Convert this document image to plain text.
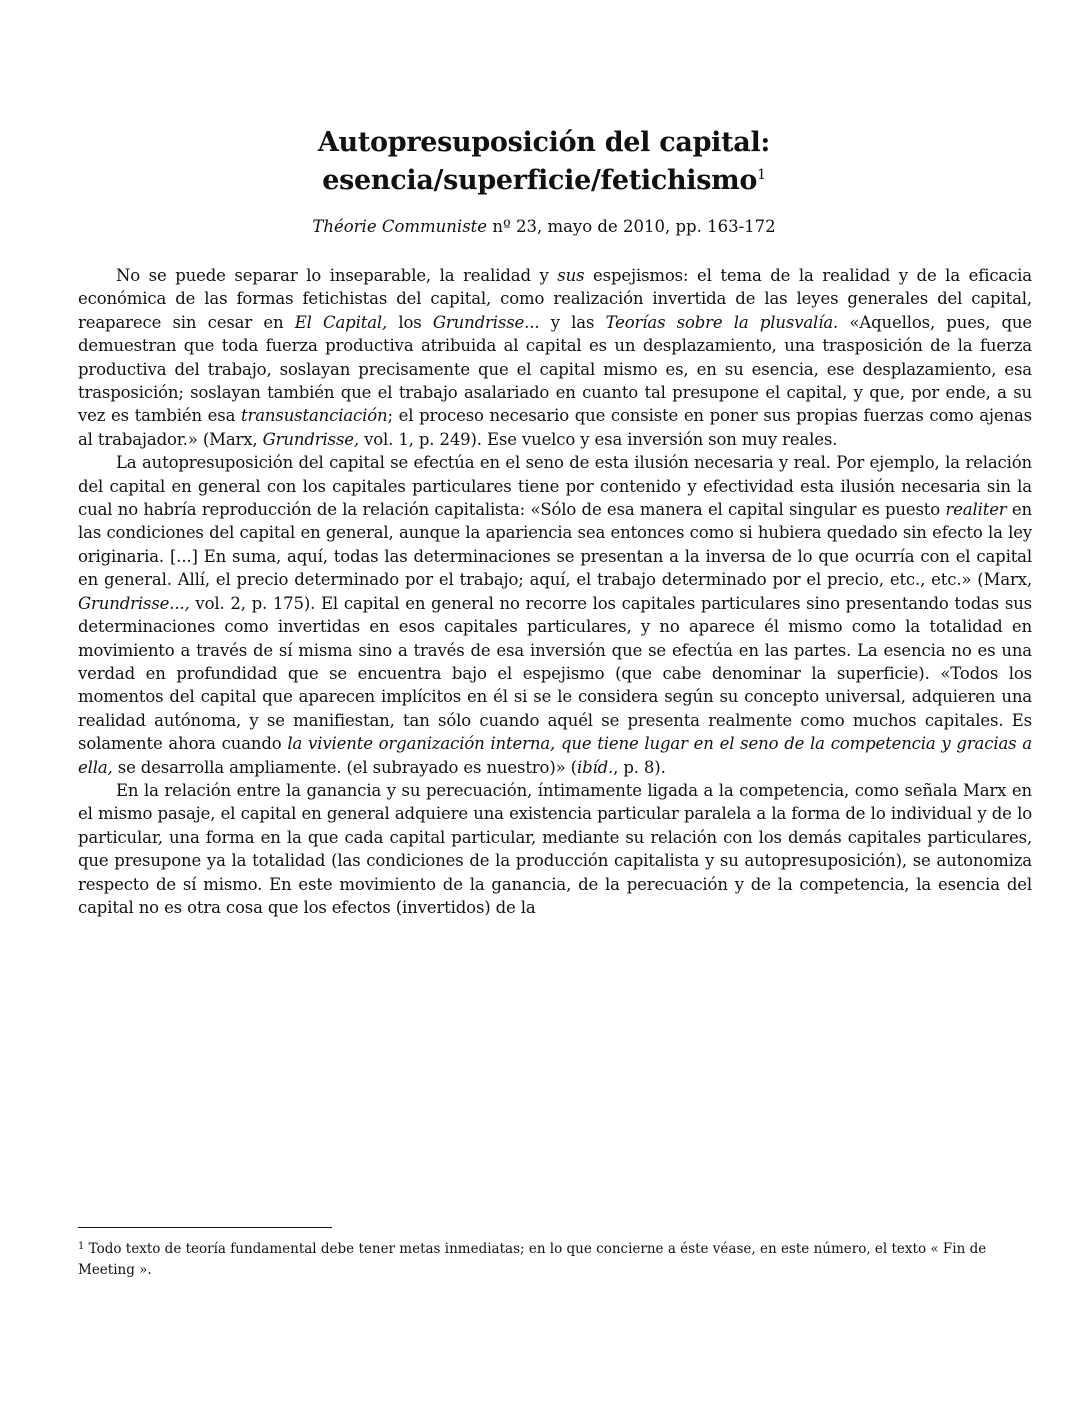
Autopresuposición del capital:
esencia/superficie/fetichismo$^1$
Théorie Communiste nº 23, mayo de 2010, pp. 163-172

No se puede separar lo inseparable, la realidad y sus espejismos: el tema de la realidad y de la eficacia económica de las formas fetichistas del capital, como realización invertida de las leyes generales del capital, reaparece sin cesar en El Capital, los Grundrisse... y las Teorías sobre la plusvalía. «Aquellos, pues, que demuestran que toda fuerza productiva atribuida al capital es un desplazamiento, una trasposición de la fuerza productiva del trabajo, soslayan precisamente que el capital mismo es, en su esencia, ese desplazamiento, esa trasposición; soslayan también que el trabajo asalariado en cuanto tal presupone el capital, y que, por ende, a su vez es también esa transustanciación; el proceso necesario que consiste en poner sus propias fuerzas como ajenas al trabajador.» (Marx, Grundrisse, vol. 1, p. 249). Ese vuelco y esa inversión son muy reales.

La autopresuposición del capital se efectúa en el seno de esta ilusión necesaria y real. Por ejemplo, la relación del capital en general con los capitales particulares tiene por contenido y efectividad esta ilusión necesaria sin la cual no habría reproducción de la relación capitalista: «Sólo de esa manera el capital singular es puesto realiter en las condiciones del capital en general, aunque la apariencia sea entonces como si hubiera quedado sin efecto la ley originaria. [...] En suma, aquí, todas las determinaciones se presentan a la inversa de lo que ocurría con el capital en general. Allí, el precio determinado por el trabajo; aquí, el trabajo determinado por el precio, etc., etc.» (Marx, Grundrisse..., vol. 2, p. 175). El capital en general no recorre los capitales particulares sino presentando todas sus determinaciones como invertidas en esos capitales particulares, y no aparece él mismo como la totalidad en movimiento a través de sí misma sino a través de esa inversión que se efectúa en las partes. La esencia no es una verdad en profundidad que se encuentra bajo el espejismo (que cabe denominar la superficie). «Todos los momentos del capital que aparecen implícitos en él si se le considera según su concepto universal, adquieren una realidad autónoma, y se manifiestan, tan sólo cuando aquél se presenta realmente como muchos capitales. Es solamente ahora cuando la viviente organización interna, que tiene lugar en el seno de la competencia y gracias a ella, se desarrolla ampliamente. (el subrayado es nuestro)» (ibíd., p. 8).

En la relación entre la ganancia y su perecuación, íntimamente ligada a la competencia, como señala Marx en el mismo pasaje, el capital en general adquiere una existencia particular paralela a la forma de lo individual y de lo particular, una forma en la que cada capital particular, mediante su relación con los demás capitales particulares, que presupone ya la totalidad (las condiciones de la producción capitalista y su autopresuposición), se autonomiza respecto de sí mismo. En este movimiento de la ganancia, de la perecuación y de la competencia, la esencia del capital no es otra cosa que los efectos (invertidos) de la

$^1$ Todo texto de teoría fundamental debe tener metas inmediatas; en lo que concierne a éste véase, en este número, el texto « Fin de Meeting ».
